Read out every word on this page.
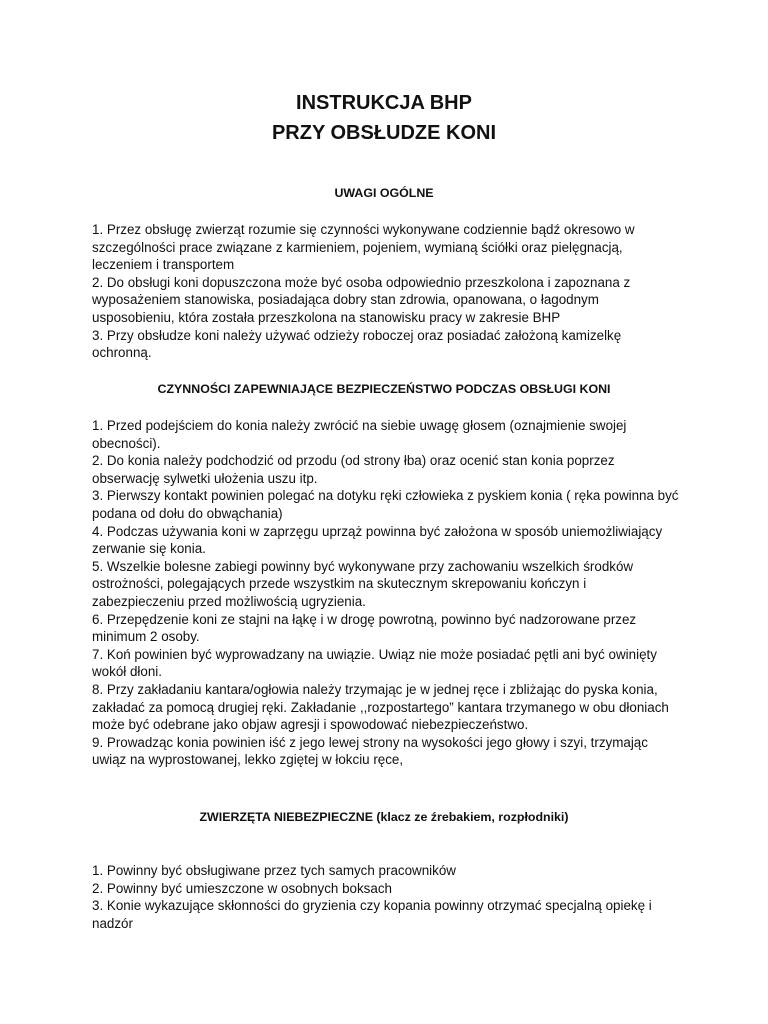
INSTRUKCJA BHP
PRZY OBSŁUDZE KONI
UWAGI OGÓLNE
1. Przez obsługę zwierząt rozumie się czynności wykonywane codziennie bądź okresowo w szczególności prace związane z karmieniem, pojeniem, wymianą ściółki oraz pielęgnacją, leczeniem i transportem
2. Do obsługi koni dopuszczona może być osoba odpowiednio przeszkolona i zapoznana z wyposażeniem stanowiska, posiadająca dobry stan zdrowia, opanowana, o łagodnym usposobieniu, która została przeszkolona na stanowisku pracy w zakresie BHP
3. Przy obsłudze koni należy używać odzieży roboczej oraz posiadać założoną kamizelkę ochronną.
CZYNNOŚCI ZAPEWNIAJĄCE BEZPIECZEŃSTWO PODCZAS OBSŁUGI KONI
1. Przed podejściem do konia należy zwrócić na siebie uwagę głosem (oznajmienie swojej obecności).
2. Do konia należy podchodzić od przodu (od strony łba) oraz ocenić stan konia poprzez obserwację sylwetki ułożenia uszu itp.
3. Pierwszy kontakt powinien polegać na dotyku ręki człowieka z pyskiem konia ( ręka powinna być podana od dołu do obwąchania)
4. Podczas używania koni w zaprzęgu uprząż powinna być założona w sposób uniemożliwiający zerwanie się konia.
5. Wszelkie bolesne zabiegi powinny być wykonywane przy zachowaniu wszelkich środków ostrożności, polegających przede wszystkim na skutecznym skrepowaniu kończyn i zabezpieczeniu przed możliwością ugryzienia.
6. Przepędzenie koni ze stajni na łąkę i w drogę powrotną, powinno być nadzorowane przez minimum 2 osoby.
7. Koń powinien być wyprowadzany na uwiązie. Uwiąz nie może posiadać pętli ani być owinięty wokół dłoni.
8. Przy zakładaniu kantara/ogłowia należy trzymając je w jednej ręce i zbliżając do pyska konia, zakładać za pomocą drugiej ręki. Zakładanie ,,rozpostartego” kantara trzymanego w obu dłoniach może być odebrane jako objaw agresji i spowodować niebezpieczeństwo.
9. Prowadząc konia powinien iść z jego lewej strony na wysokości jego głowy i szyi, trzymając uwiąz na wyprostowanej, lekko zgiętej w łokciu ręce,
ZWIERZĘTA NIEBEZPIECZNE (klacz ze źrebakiem, rozpłodniki)
1. Powinny być obsługiwane przez tych samych pracowników
2. Powinny być umieszczone w osobnych boksach
3. Konie wykazujące skłonności do gryzienia czy kopania powinny otrzymać specjalną opiekę i nadzór
